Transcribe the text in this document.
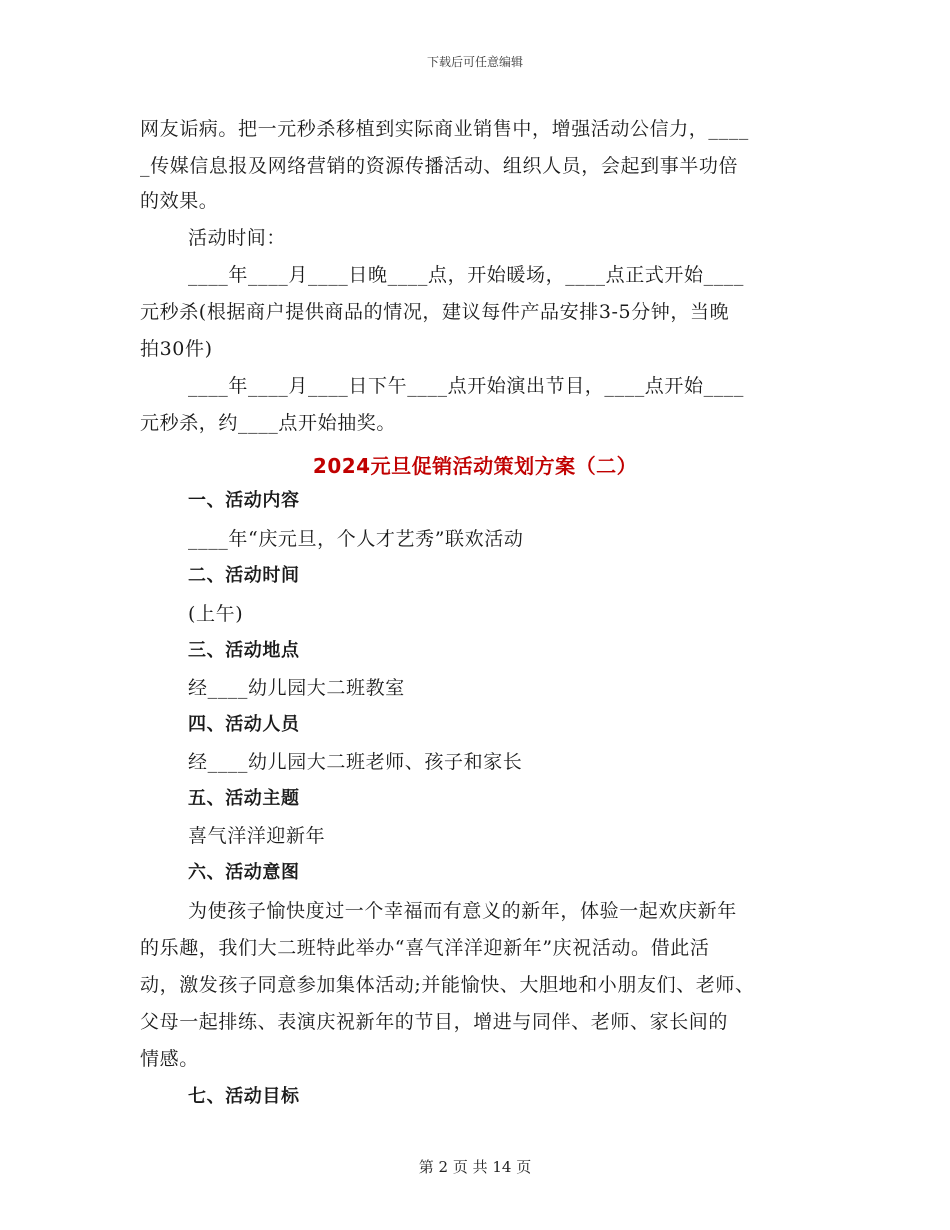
下载后可任意编辑
网友诟病。把一元秒杀移植到实际商业销售中，增强活动公信力，____
_传媒信息报及网络营销的资源传播活动、组织人员，会起到事半功倍
的效果。
活动时间：
____年____月____日晚____点，开始暖场，____点正式开始____
元秒杀(根据商户提供商品的情况，建议每件产品安排3-5分钟，当晚
拍30件)
____年____月____日下午____点开始演出节目，____点开始____
元秒杀，约____点开始抽奖。
2024元旦促销活动策划方案（二）
一、活动内容
____年“庆元旦，个人才艺秀”联欢活动
二、活动时间
(上午)
三、活动地点
经____幼儿园大二班教室
四、活动人员
经____幼儿园大二班老师、孩子和家长
五、活动主题
喜气洋洋迎新年
六、活动意图
为使孩子愉快度过一个幸福而有意义的新年，体验一起欢庆新年
的乐趣，我们大二班特此举办“喜气洋洋迎新年”庆祝活动。借此活
动，激发孩子同意参加集体活动;并能愉快、大胆地和小朋友们、老师、
父母一起排练、表演庆祝新年的节目，增进与同伴、老师、家长间的
情感。
七、活动目标
第 2 页 共 14 页
